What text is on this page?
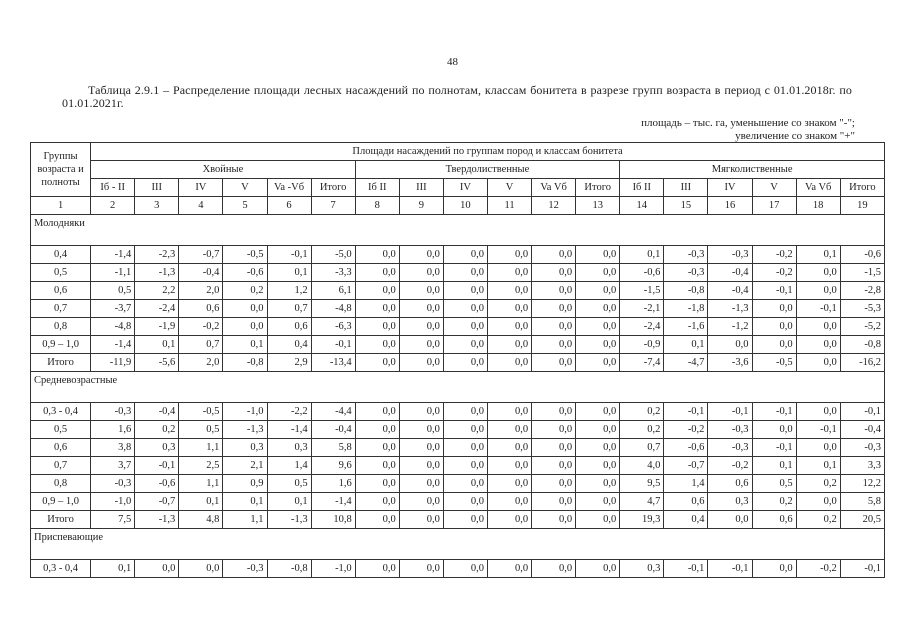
48
Таблица 2.9.1 – Распределение площади лесных насаждений по полнотам, классам бонитета в разрезе групп возраста в период с 01.01.2018г. по 01.01.2021г.
площадь – тыс. га, уменьшение со знаком "-";
увеличение со знаком "+"
Группы возраста и полноты	Площади насаждений по группам пород и классам бонитета																	
	Хвойные						Твердолиственные						Мягколиственные					
	Iб - II	III	IV	V	Va -Vб	Итого	Iб II	III	IV	V	Va Vб	Итого	Iб II	III	IV	V	Va Vб	Итого
1	2	3	4	5	6	7	8	9	10	11	12	13	14	15	16	17	18	19
Молодняки																		

0,4	-1,4	-2,3	-0,7	-0,5	-0,1	-5,0	0,0	0,0	0,0	0,0	0,0	0,0	0,1	-0,3	-0,3	-0,2	0,1	-0,6
0,5	-1,1	-1,3	-0,4	-0,6	0,1	-3,3	0,0	0,0	0,0	0,0	0,0	0,0	-0,6	-0,3	-0,4	-0,2	0,0	-1,5
0,6	0,5	2,2	2,0	0,2	1,2	6,1	0,0	0,0	0,0	0,0	0,0	0,0	-1,5	-0,8	-0,4	-0,1	0,0	-2,8
0,7	-3,7	-2,4	0,6	0,0	0,7	-4,8	0,0	0,0	0,0	0,0	0,0	0,0	-2,1	-1,8	-1,3	0,0	-0,1	-5,3
0,8	-4,8	-1,9	-0,2	0,0	0,6	-6,3	0,0	0,0	0,0	0,0	0,0	0,0	-2,4	-1,6	-1,2	0,0	0,0	-5,2
0,9 – 1,0	-1,4	0,1	0,7	0,1	0,4	-0,1	0,0	0,0	0,0	0,0	0,0	0,0	-0,9	0,1	0,0	0,0	0,0	-0,8
Итого	-11,9	-5,6	2,0	-0,8	2,9	-13,4	0,0	0,0	0,0	0,0	0,0	0,0	-7,4	-4,7	-3,6	-0,5	0,0	-16,2
Средневозрастные																		

0,3 - 0,4	-0,3	-0,4	-0,5	-1,0	-2,2	-4,4	0,0	0,0	0,0	0,0	0,0	0,0	0,2	-0,1	-0,1	-0,1	0,0	-0,1
0,5	1,6	0,2	0,5	-1,3	-1,4	-0,4	0,0	0,0	0,0	0,0	0,0	0,0	0,2	-0,2	-0,3	0,0	-0,1	-0,4
0,6	3,8	0,3	1,1	0,3	0,3	5,8	0,0	0,0	0,0	0,0	0,0	0,0	0,7	-0,6	-0,3	-0,1	0,0	-0,3
0,7	3,7	-0,1	2,5	2,1	1,4	9,6	0,0	0,0	0,0	0,0	0,0	0,0	4,0	-0,7	-0,2	0,1	0,1	3,3
0,8	-0,3	-0,6	1,1	0,9	0,5	1,6	0,0	0,0	0,0	0,0	0,0	0,0	9,5	1,4	0,6	0,5	0,2	12,2
0,9 – 1,0	-1,0	-0,7	0,1	0,1	0,1	-1,4	0,0	0,0	0,0	0,0	0,0	0,0	4,7	0,6	0,3	0,2	0,0	5,8
Итого	7,5	-1,3	4,8	1,1	-1,3	10,8	0,0	0,0	0,0	0,0	0,0	0,0	19,3	0,4	0,0	0,6	0,2	20,5
Приспевающие																		

0,3 - 0,4	0,1	0,0	0,0	-0,3	-0,8	-1,0	0,0	0,0	0,0	0,0	0,0	0,0	0,3	-0,1	-0,1	0,0	-0,2	-0,1
